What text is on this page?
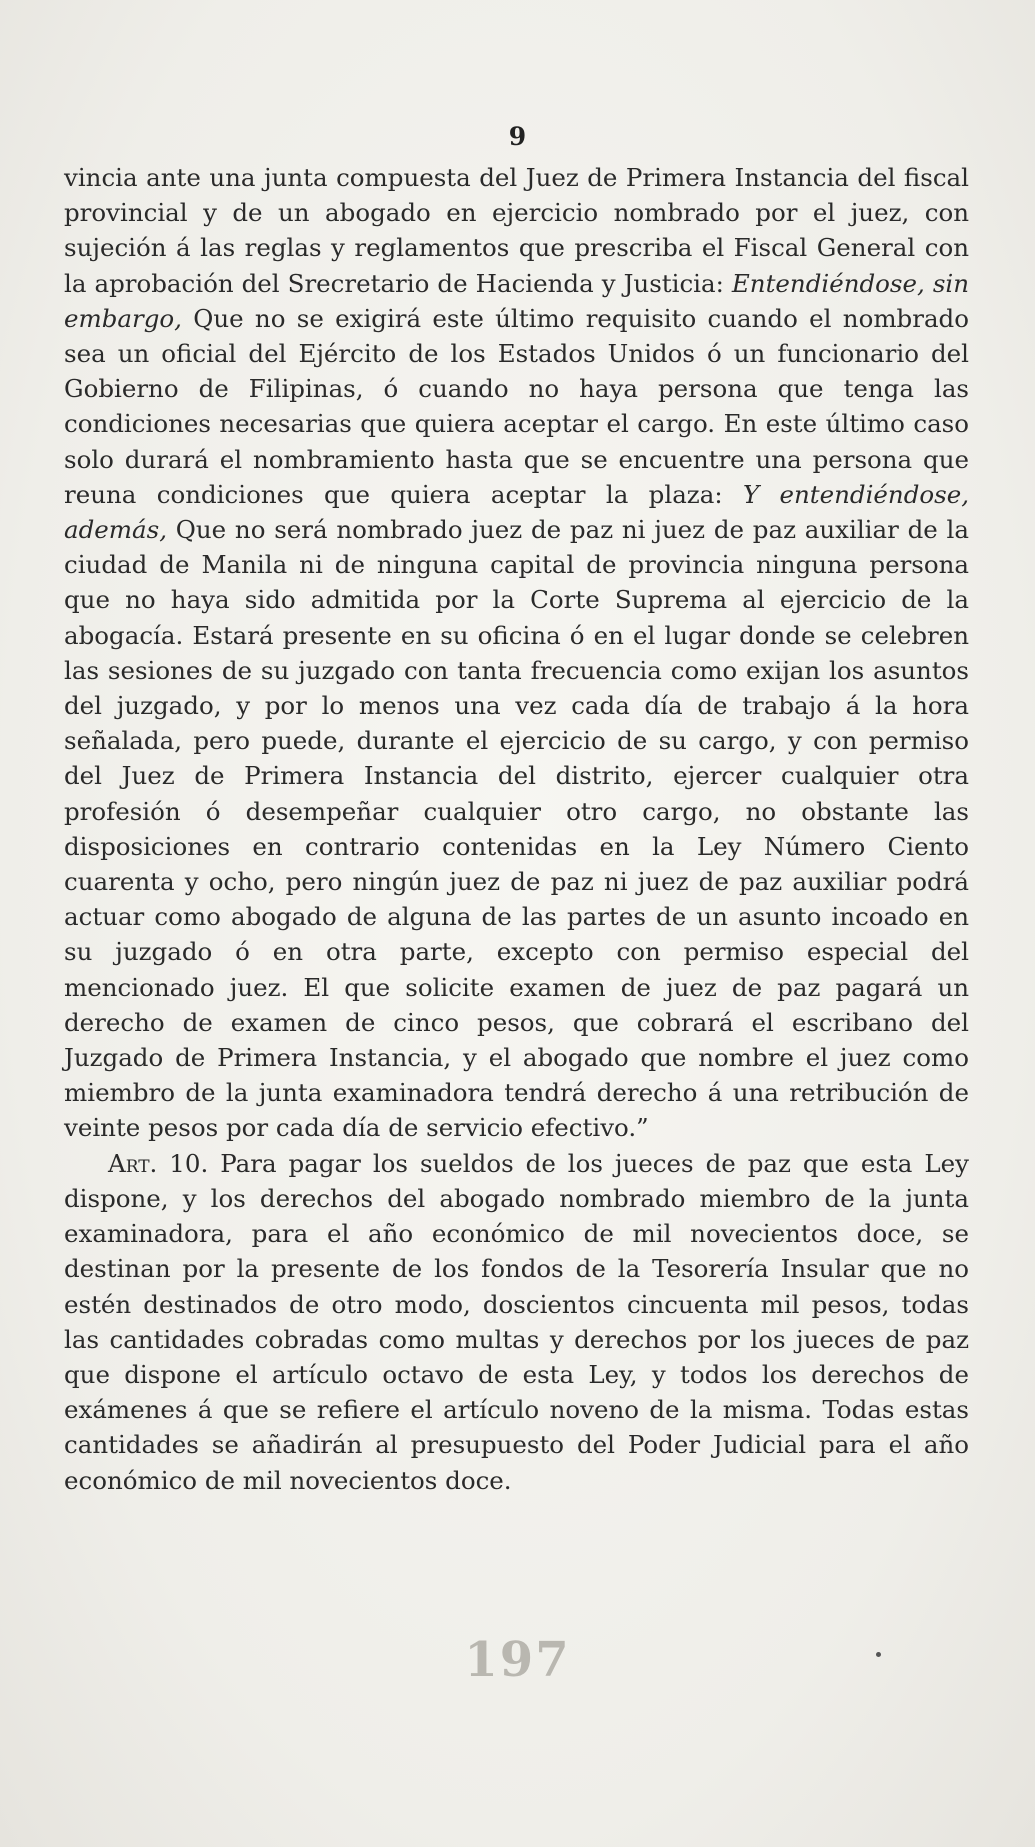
9

vincia ante una junta compuesta del Juez de Primera Instancia del fiscal provincial y de un abogado en ejercicio nombrado por el juez, con sujeción á las reglas y reglamentos que prescriba el Fiscal General con la aprobación del Srecretario de Hacienda y Justicia: Entendiéndose, sin embargo, Que no se exigirá este último requisito cuando el nombrado sea un oficial del Ejército de los Estados Unidos ó un funcionario del Gobierno de Filipinas, ó cuando no haya persona que tenga las condiciones necesarias que quiera aceptar el cargo. En este último caso solo durará el nombramiento hasta que se encuentre una persona que reuna condiciones que quiera aceptar la plaza: Y entendiéndose, además, Que no será nombrado juez de paz ni juez de paz auxiliar de la ciudad de Manila ni de ninguna capital de provincia ninguna persona que no haya sido admitida por la Corte Suprema al ejercicio de la abogacía. Estará presente en su oficina ó en el lugar donde se celebren las sesiones de su juzgado con tanta frecuencia como exijan los asuntos del juzgado, y por lo menos una vez cada día de trabajo á la hora señalada, pero puede, durante el ejercicio de su cargo, y con permiso del Juez de Primera Instancia del distrito, ejercer cualquier otra profesión ó desempeñar cualquier otro cargo, no obstante las disposiciones en contrario contenidas en la Ley Número Ciento cuarenta y ocho, pero ningún juez de paz ni juez de paz auxiliar podrá actuar como abogado de alguna de las partes de un asunto incoado en su juzgado ó en otra parte, excepto con permiso especial del mencionado juez. El que solicite examen de juez de paz pagará un derecho de examen de cinco pesos, que cobrará el escribano del Juzgado de Primera Instancia, y el abogado que nombre el juez como miembro de la junta examinadora tendrá derecho á una retribución de veinte pesos por cada día de servicio efectivo.”

Art. 10. Para pagar los sueldos de los jueces de paz que esta Ley dispone, y los derechos del abogado nombrado miembro de la junta examinadora, para el año económico de mil novecientos doce, se destinan por la presente de los fondos de la Tesorería Insular que no estén destinados de otro modo, doscientos cincuenta mil pesos, todas las cantidades cobradas como multas y derechos por los jueces de paz que dispone el artículo octavo de esta Ley, y todos los derechos de exámenes á que se refiere el artículo noveno de la misma. Todas estas cantidades se añadirán al presupuesto del Poder Judicial para el año económico de mil novecientos doce.

197
